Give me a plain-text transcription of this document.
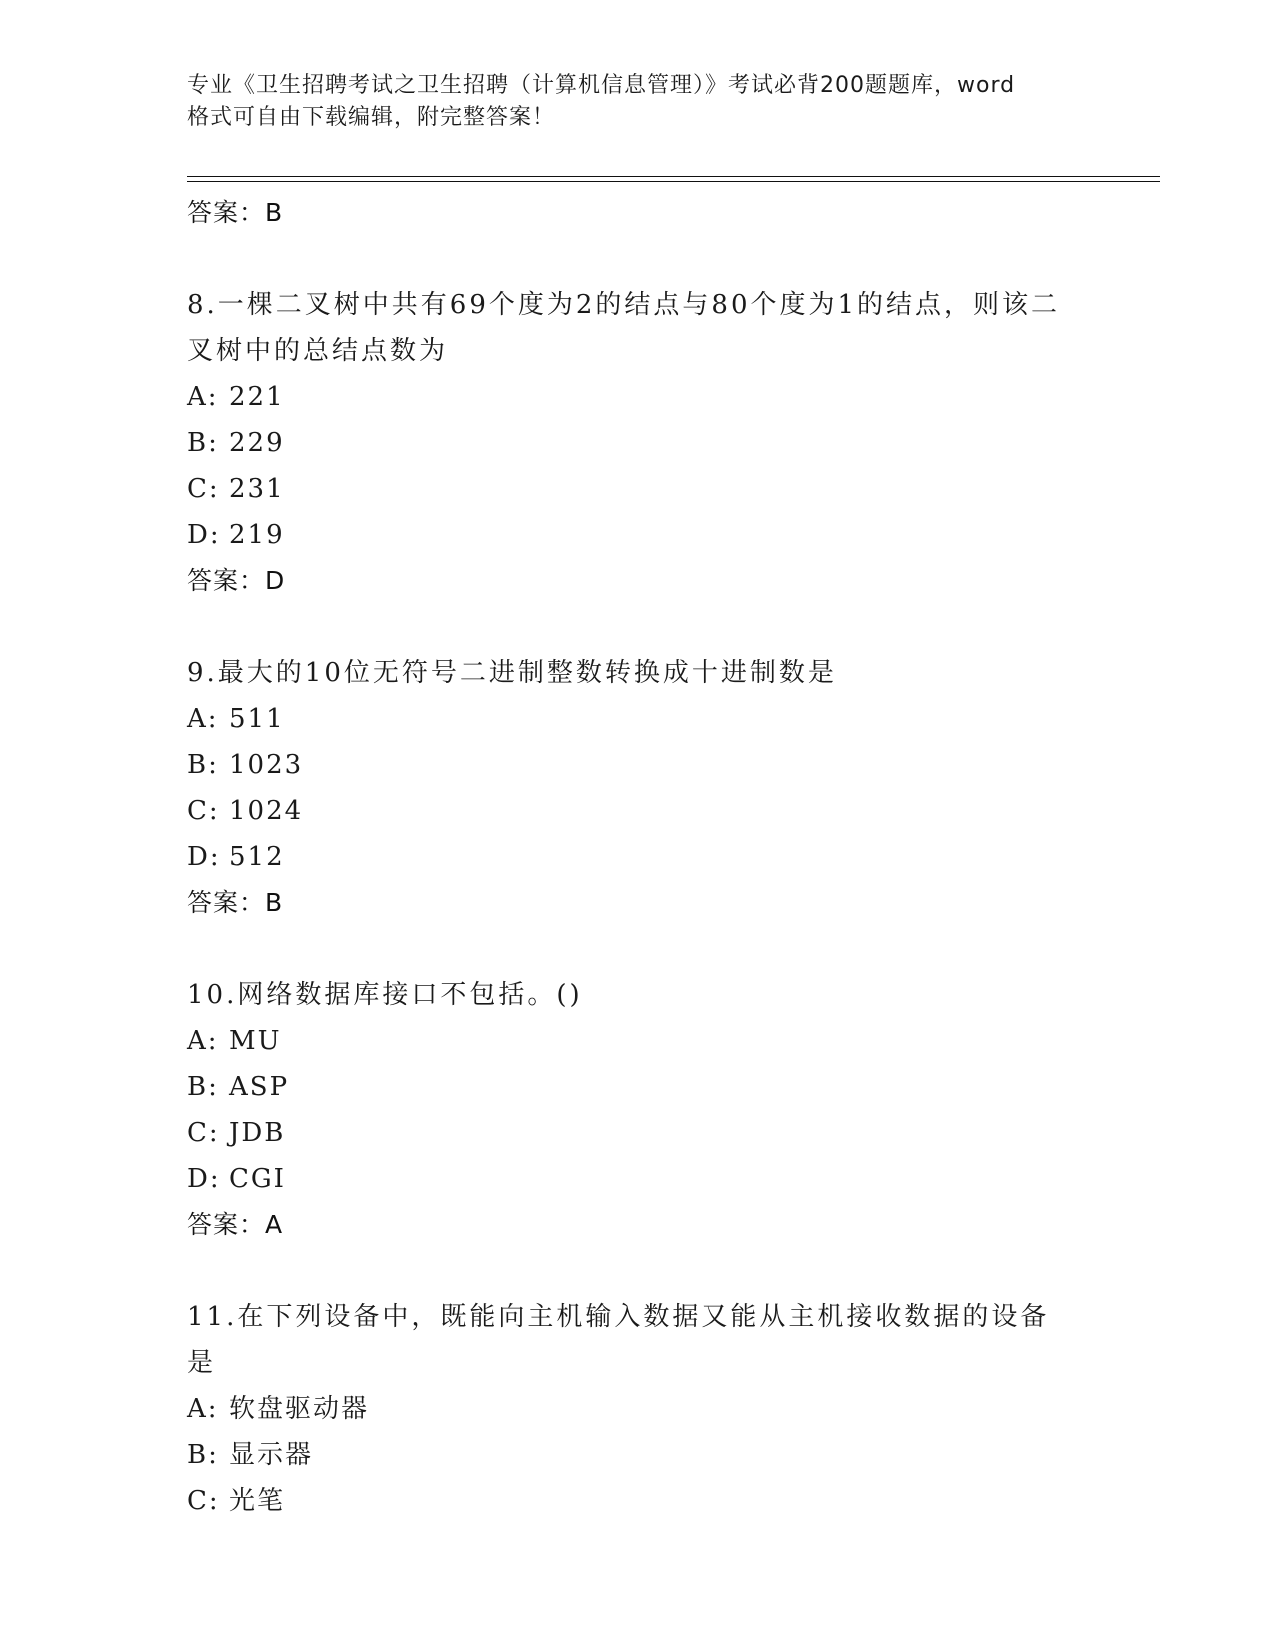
专业《卫生招聘考试之卫生招聘（计算机信息管理）》考试必背200题题库，word
格式可自由下载编辑，附完整答案！
答案：B
8.一棵二叉树中共有69个度为2的结点与80个度为1的结点，则该二叉树中的总结点数为
A: 221
B: 229
C: 231
D: 219
答案：D
9.最大的10位无符号二进制整数转换成十进制数是
A: 511
B: 1023
C: 1024
D: 512
答案：B
10.网络数据库接口不包括。()
A: MU
B: ASP
C: JDB
D: CGI
答案：A
11.在下列设备中，既能向主机输入数据又能从主机接收数据的设备是
A: 软盘驱动器
B: 显示器
C: 光笔
